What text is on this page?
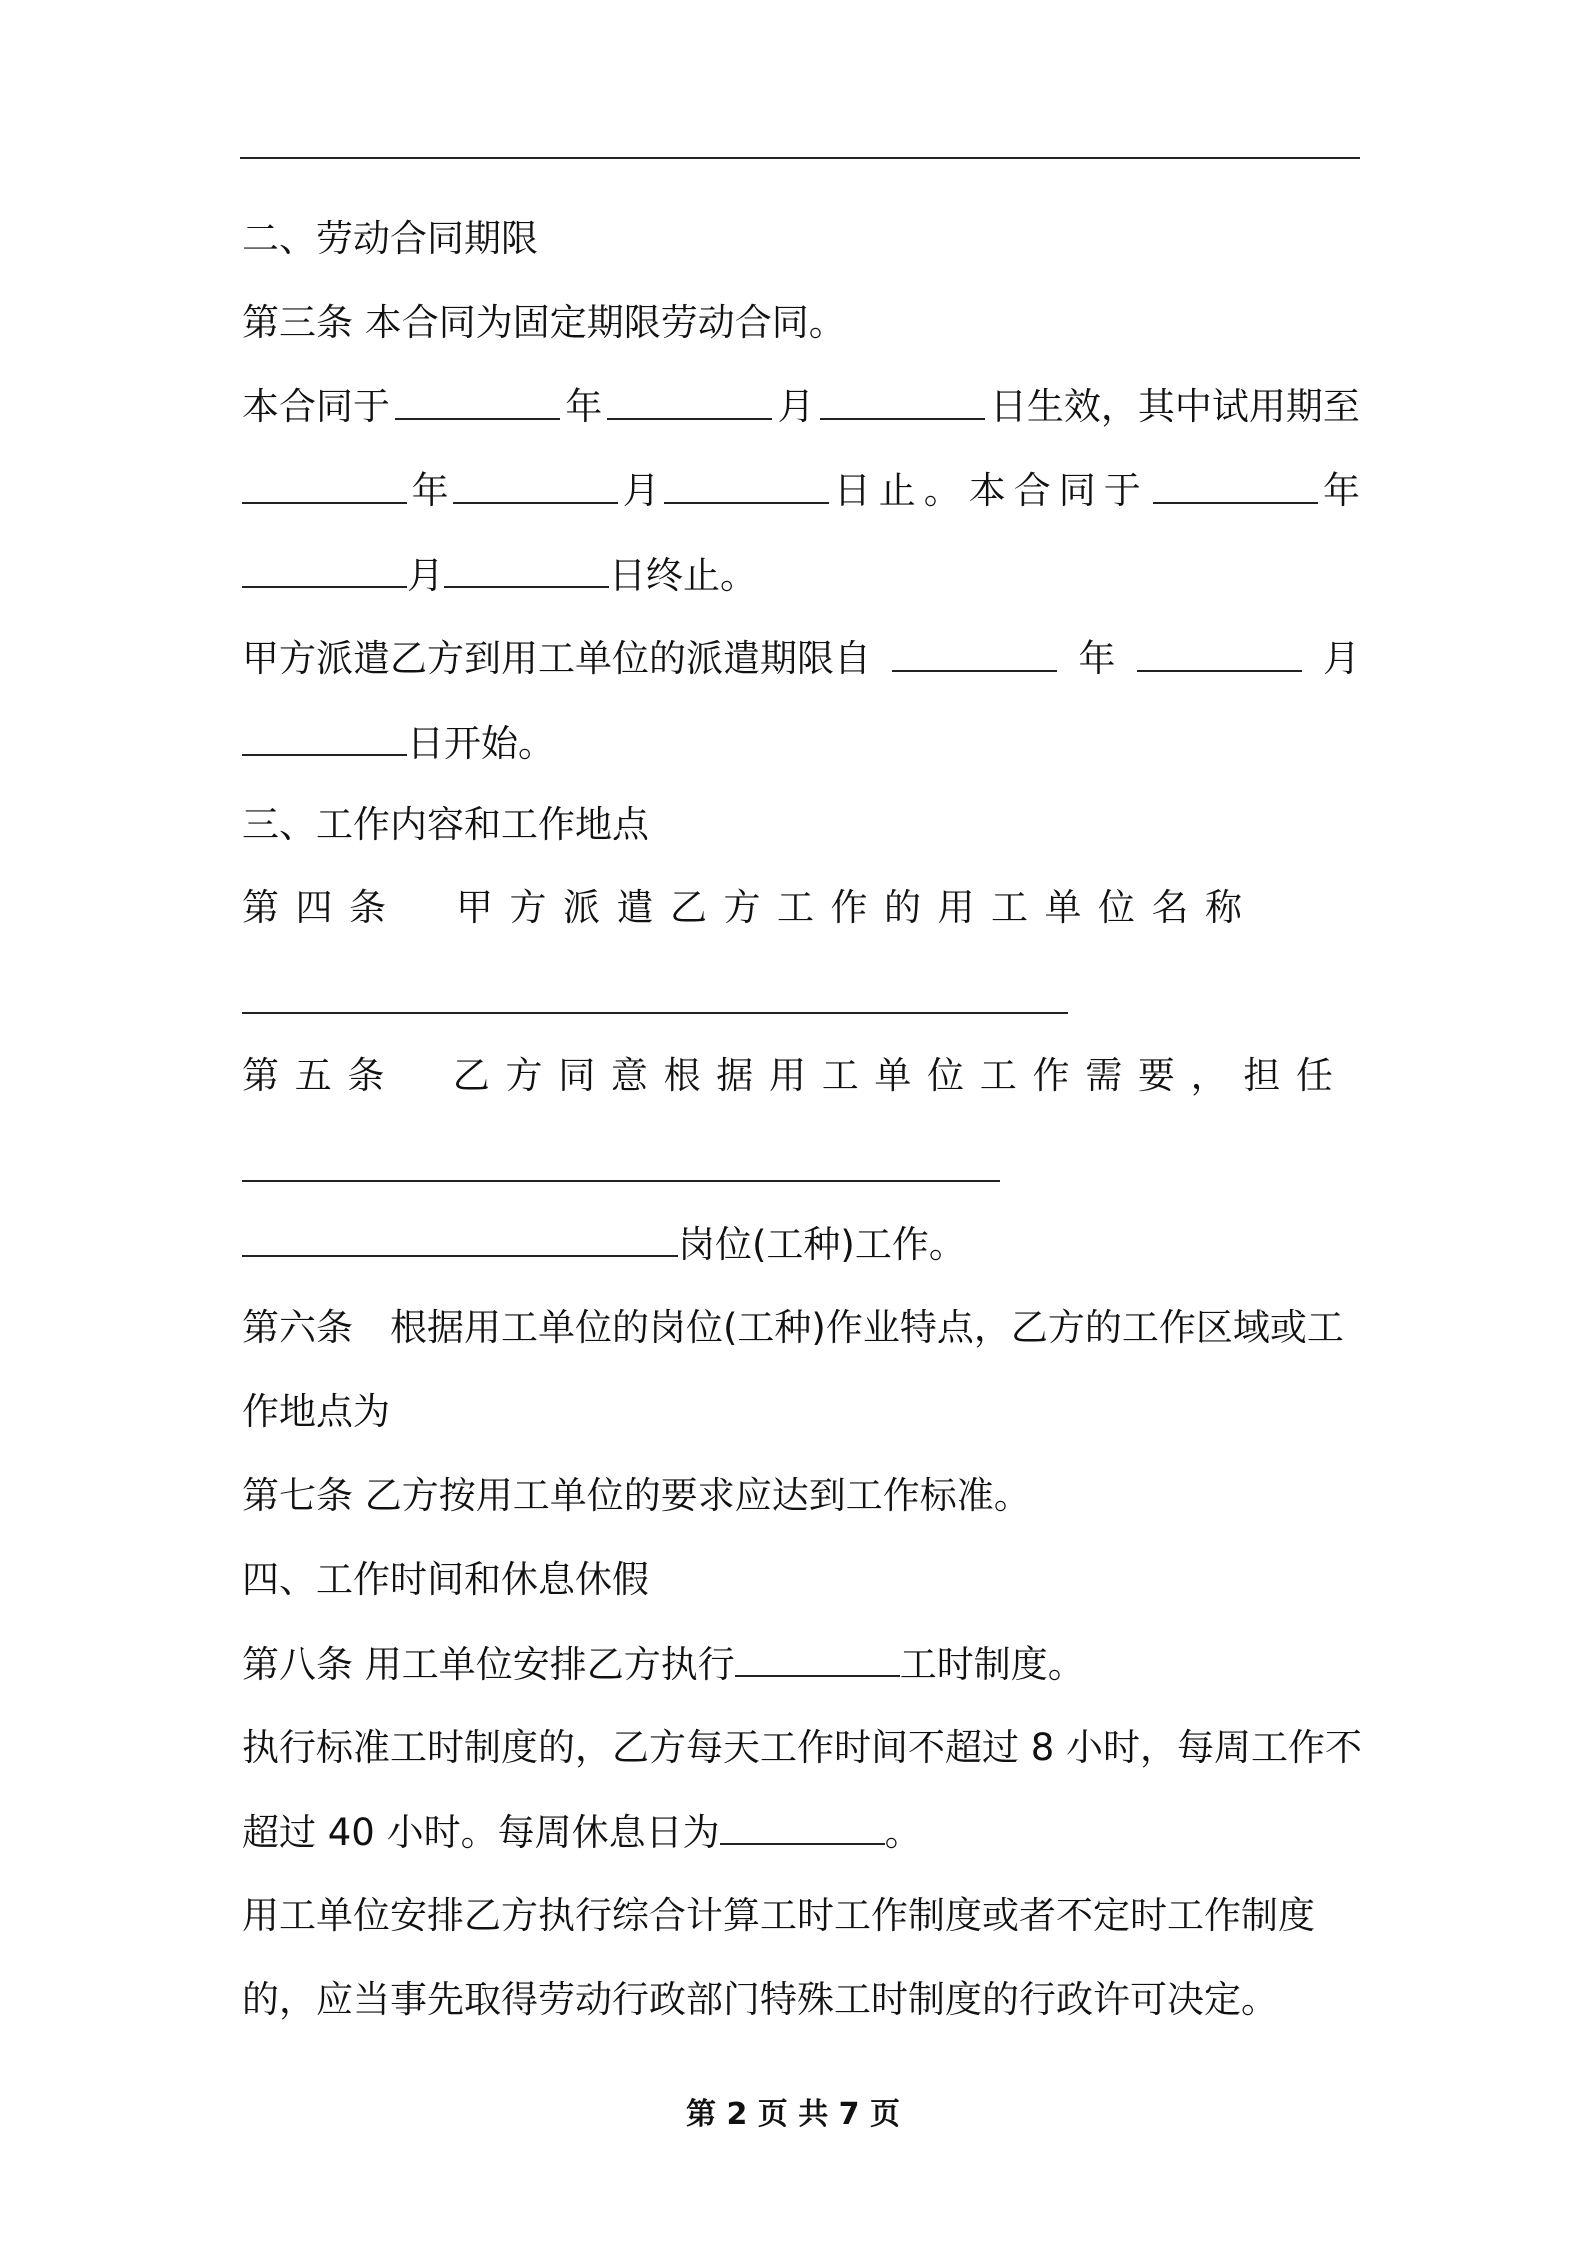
二、劳动合同期限
第三条 本合同为固定期限劳动合同。
本合同于	年	月	日生效，其中试用期至
年	月	日止。本合同于	年
月	日终止。
甲方派遣乙方到用工单位的派遣期限自	年	月
日开始。
三、工作内容和工作地点
第四条　甲方派遣乙方工作的用工单位名称
第五条　乙方同意根据用工单位工作需要，担任
岗位(工种)工作。
第六条　根据用工单位的岗位(工种)作业特点，乙方的工作区域或工
作地点为
第七条 乙方按用工单位的要求应达到工作标准。
四、工作时间和休息休假
第八条 用工单位安排乙方执行	工时制度。
执行标准工时制度的，乙方每天工作时间不超过 8 小时，每周工作不
超过 40 小时。每周休息日为	。
用工单位安排乙方执行综合计算工时工作制度或者不定时工作制度
的，应当事先取得劳动行政部门特殊工时制度的行政许可决定。
第 2 页 共 7 页
